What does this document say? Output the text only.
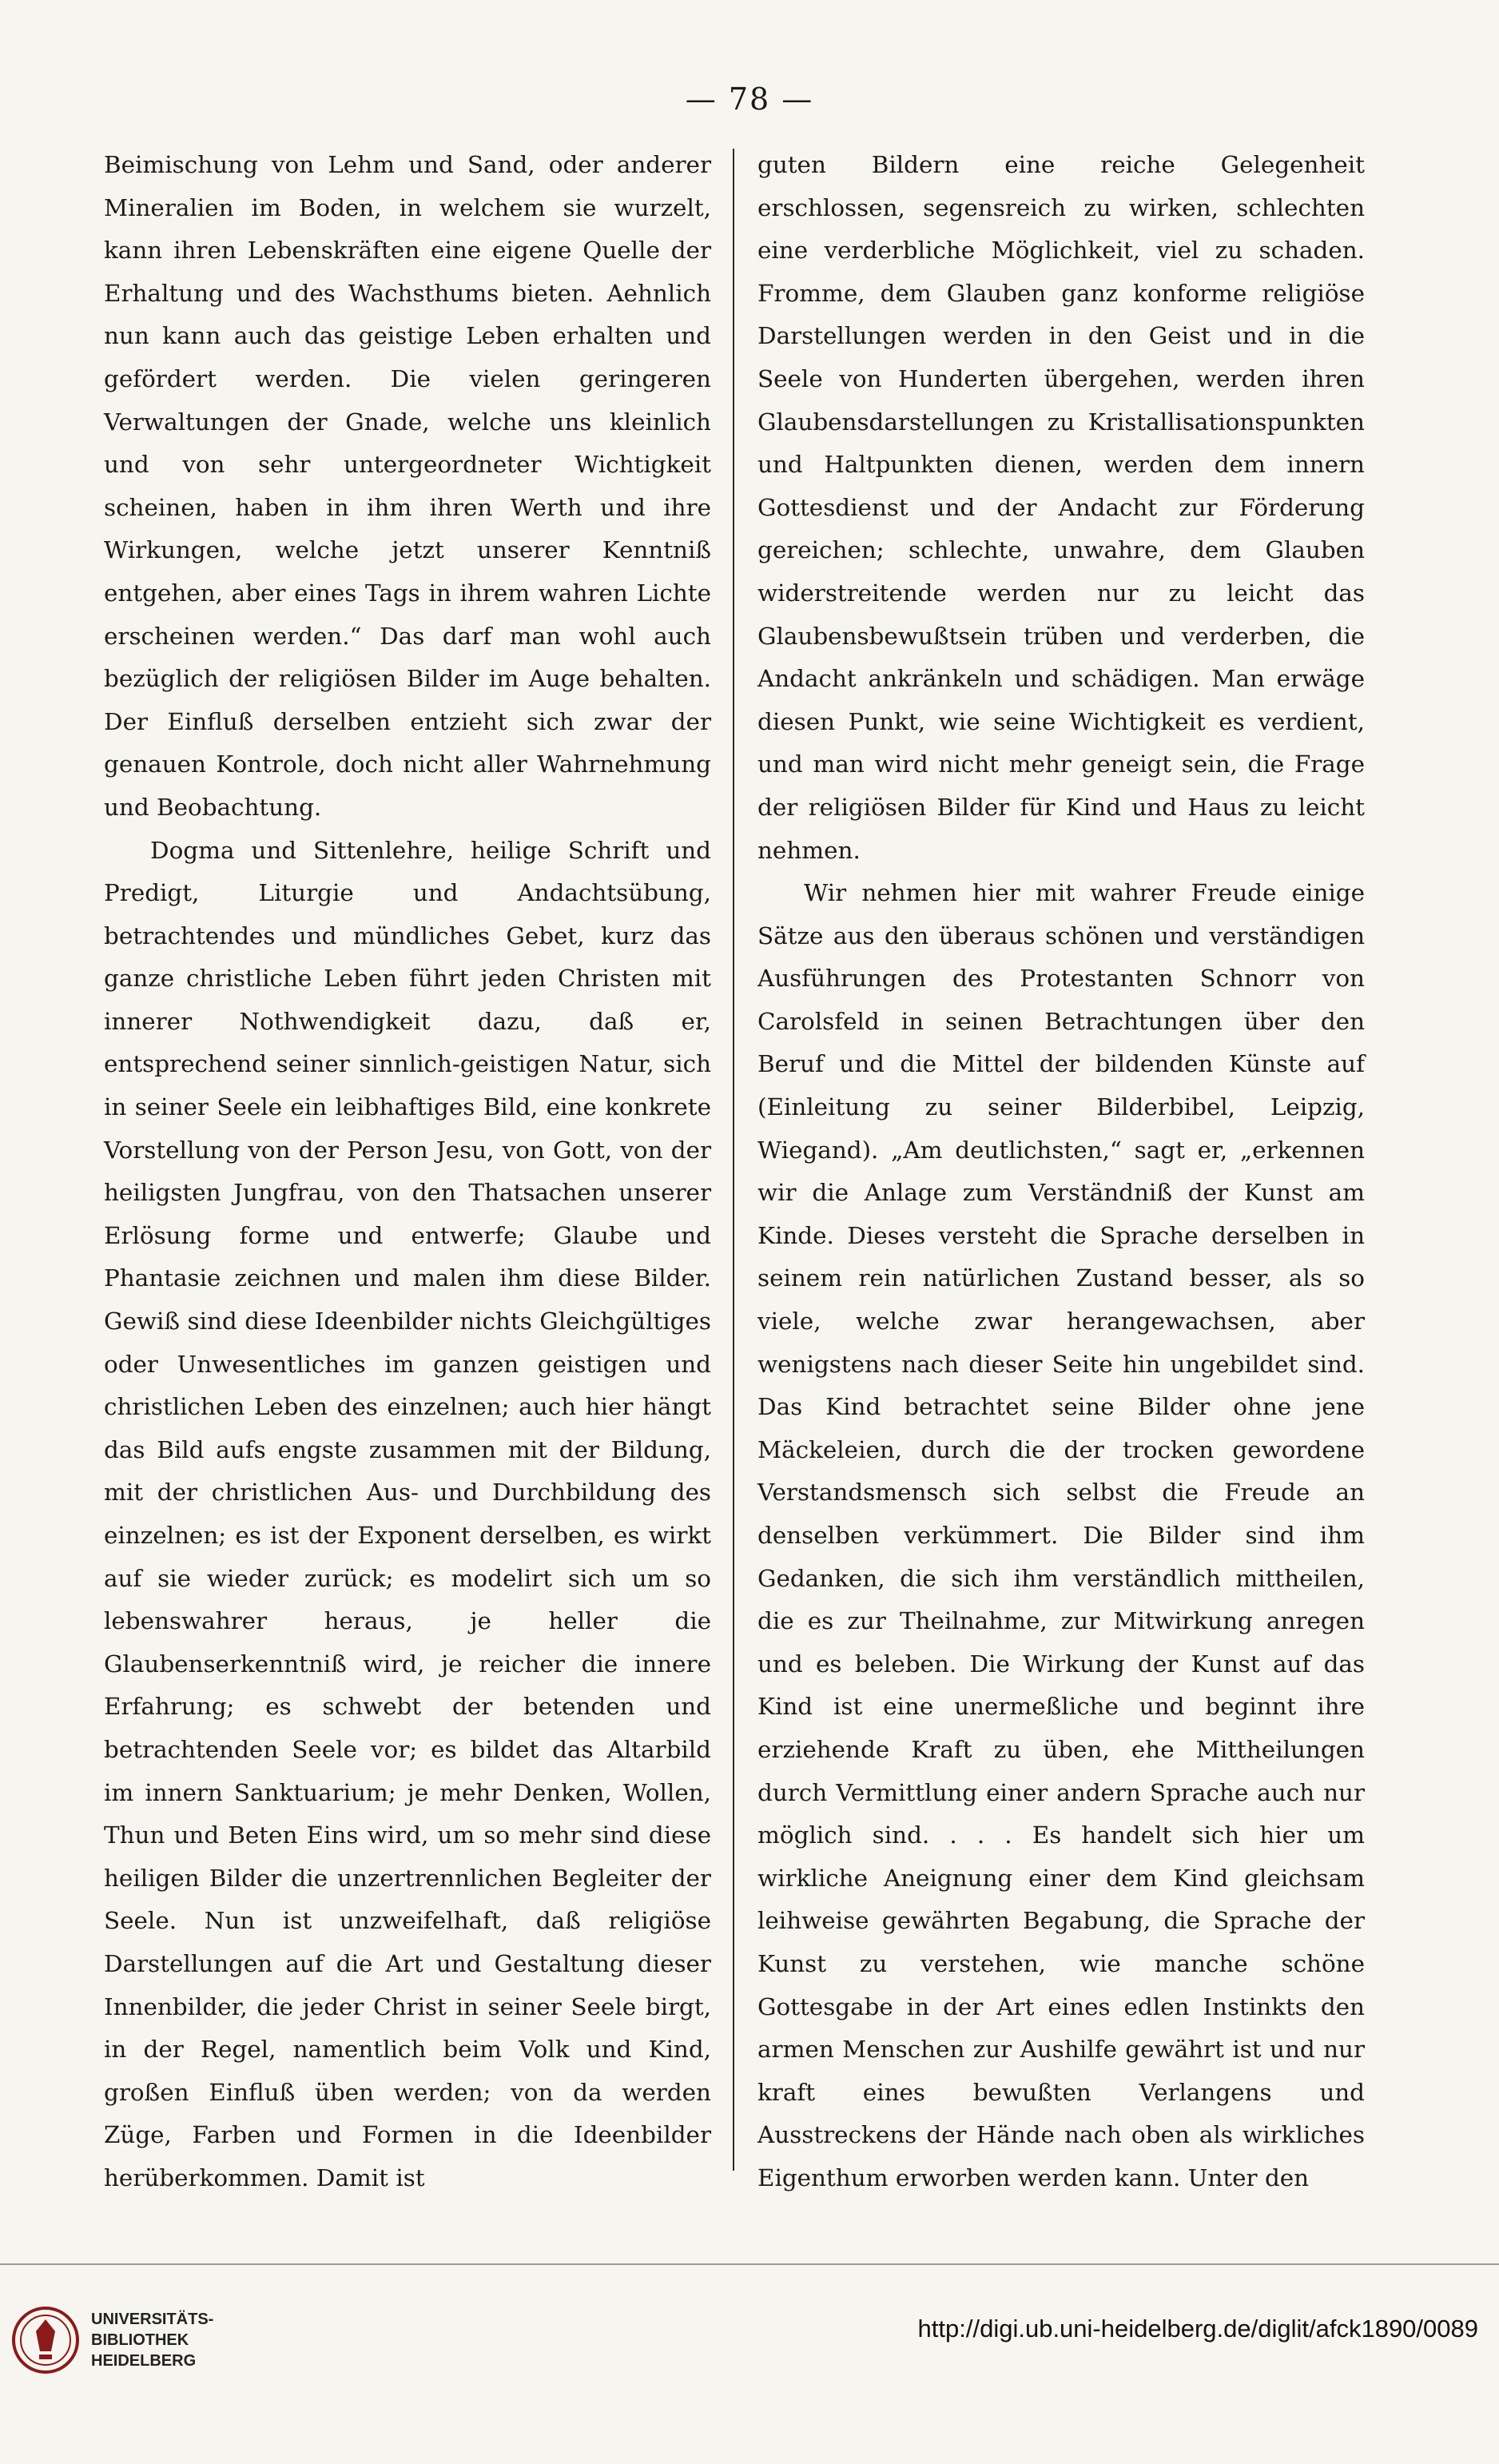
— 78 —

Beimischung von Lehm und Sand, oder anderer Mineralien im Boden, in welchem sie wurzelt, kann ihren Lebenskräften eine eigene Quelle der Erhaltung und des Wachsthums bieten. Aehnlich nun kann auch das geistige Leben erhalten und gefördert werden. Die vielen geringeren Verwaltungen der Gnade, welche uns kleinlich und von sehr untergeordneter Wichtigkeit scheinen, haben in ihm ihren Werth und ihre Wirkungen, welche jetzt unserer Kenntniß entgehen, aber eines Tags in ihrem wahren Lichte erscheinen werden.“ Das darf man wohl auch bezüglich der religiösen Bilder im Auge behalten. Der Einfluß derselben entzieht sich zwar der genauen Kontrole, doch nicht aller Wahrnehmung und Beobachtung.

Dogma und Sittenlehre, heilige Schrift und Predigt, Liturgie und Andachtsübung, betrachtendes und mündliches Gebet, kurz das ganze christliche Leben führt jeden Christen mit innerer Nothwendigkeit dazu, daß er, entsprechend seiner sinnlich-geistigen Natur, sich in seiner Seele ein leibhaftiges Bild, eine konkrete Vorstellung von der Person Jesu, von Gott, von der heiligsten Jungfrau, von den Thatsachen unserer Erlösung forme und entwerfe; Glaube und Phantasie zeichnen und malen ihm diese Bilder. Gewiß sind diese Ideenbilder nichts Gleichgültiges oder Unwesentliches im ganzen geistigen und christlichen Leben des einzelnen; auch hier hängt das Bild aufs engste zusammen mit der Bildung, mit der christlichen Aus- und Durchbildung des einzelnen; es ist der Exponent derselben, es wirkt auf sie wieder zurück; es modelirt sich um so lebenswahrer heraus, je heller die Glaubenserkenntniß wird, je reicher die innere Erfahrung; es schwebt der betenden und betrachtenden Seele vor; es bildet das Altarbild im innern Sanktuarium; je mehr Denken, Wollen, Thun und Beten Eins wird, um so mehr sind diese heiligen Bilder die unzertrennlichen Begleiter der Seele. Nun ist unzweifelhaft, daß religiöse Darstellungen auf die Art und Gestaltung dieser Innenbilder, die jeder Christ in seiner Seele birgt, in der Regel, namentlich beim Volk und Kind, großen Einfluß üben werden; von da werden Züge, Farben und Formen in die Ideenbilder herüberkommen. Damit ist

guten Bildern eine reiche Gelegenheit erschlossen, segensreich zu wirken, schlechten eine verderbliche Möglichkeit, viel zu schaden. Fromme, dem Glauben ganz konforme religiöse Darstellungen werden in den Geist und in die Seele von Hunderten übergehen, werden ihren Glaubensdarstellungen zu Kristallisationspunkten und Haltpunkten dienen, werden dem innern Gottesdienst und der Andacht zur Förderung gereichen; schlechte, unwahre, dem Glauben widerstreitende werden nur zu leicht das Glaubensbewußtsein trüben und verderben, die Andacht ankränkeln und schädigen. Man erwäge diesen Punkt, wie seine Wichtigkeit es verdient, und man wird nicht mehr geneigt sein, die Frage der religiösen Bilder für Kind und Haus zu leicht nehmen.

Wir nehmen hier mit wahrer Freude einige Sätze aus den überaus schönen und verständigen Ausführungen des Protestanten Schnorr von Carolsfeld in seinen Betrachtungen über den Beruf und die Mittel der bildenden Künste auf (Einleitung zu seiner Bilderbibel, Leipzig, Wiegand). „Am deutlichsten,“ sagt er, „erkennen wir die Anlage zum Verständniß der Kunst am Kinde. Dieses versteht die Sprache derselben in seinem rein natürlichen Zustand besser, als so viele, welche zwar herangewachsen, aber wenigstens nach dieser Seite hin ungebildet sind. Das Kind betrachtet seine Bilder ohne jene Mäckeleien, durch die der trocken gewordene Verstandsmensch sich selbst die Freude an denselben verkümmert. Die Bilder sind ihm Gedanken, die sich ihm verständlich mittheilen, die es zur Theilnahme, zur Mitwirkung anregen und es beleben. Die Wirkung der Kunst auf das Kind ist eine unermeßliche und beginnt ihre erziehende Kraft zu üben, ehe Mittheilungen durch Vermittlung einer andern Sprache auch nur möglich sind. . . . Es handelt sich hier um wirkliche Aneignung einer dem Kind gleichsam leihweise gewährten Begabung, die Sprache der Kunst zu verstehen, wie manche schöne Gottesgabe in der Art eines edlen Instinkts den armen Menschen zur Aushilfe gewährt ist und nur kraft eines bewußten Verlangens und Ausstreckens der Hände nach oben als wirkliches Eigenthum erworben werden kann. Unter den

UNIVERSITÄTS-
BIBLIOTHEK
HEIDELBERG
http://digi.ub.uni-heidelberg.de/diglit/afck1890/0089
